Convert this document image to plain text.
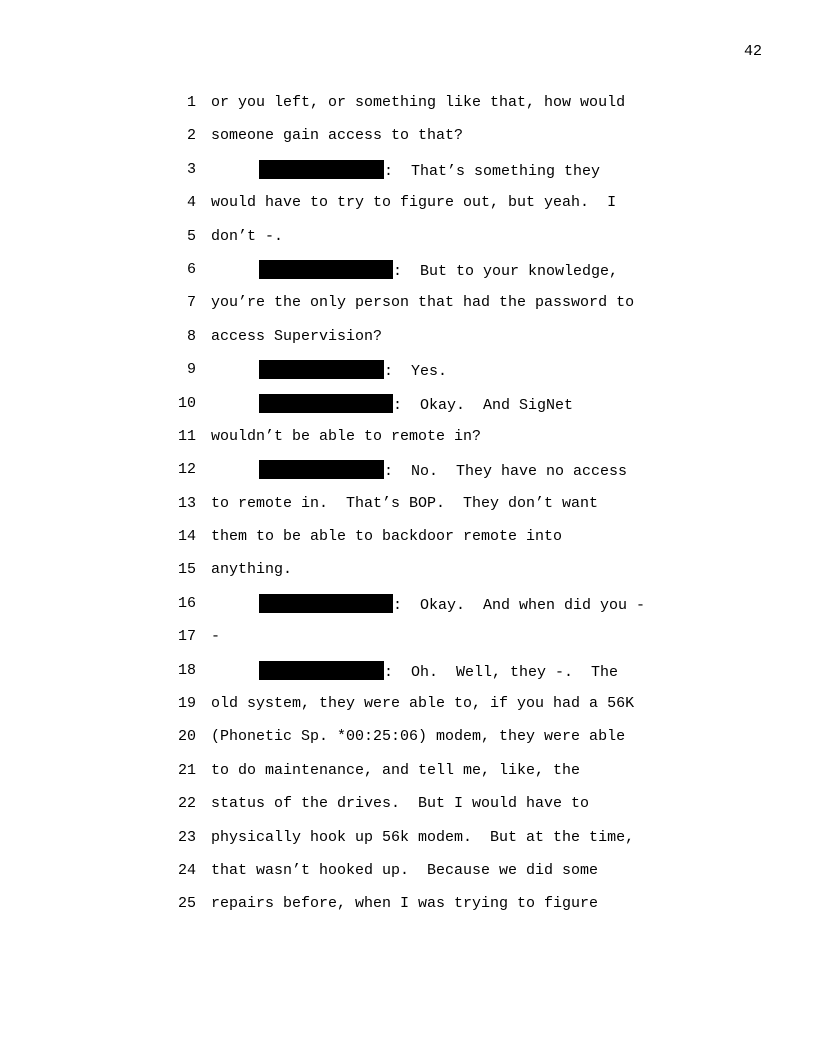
42
1 or you left, or something like that, how would
2 someone gain access to that?
3	:  That’s something they
4 would have to try to figure out, but yeah.  I
5 don’t -.
6	:  But to your knowledge,
7 you’re the only person that had the password to
8 access Supervision?
9	:  Yes.
10	:  Okay.  And SigNet
11 wouldn’t be able to remote in?
12	:  No.  They have no access
13 to remote in.  That’s BOP.  They don’t want
14 them to be able to backdoor remote into
15 anything.
16	:  Okay.  And when did you -
17 -
18	:  Oh.  Well, they -.  The
19 old system, they were able to, if you had a 56K
20 (Phonetic Sp. *00:25:06) modem, they were able
21 to do maintenance, and tell me, like, the
22 status of the drives.  But I would have to
23 physically hook up 56k modem.  But at the time,
24 that wasn’t hooked up.  Because we did some
25 repairs before, when I was trying to figure
